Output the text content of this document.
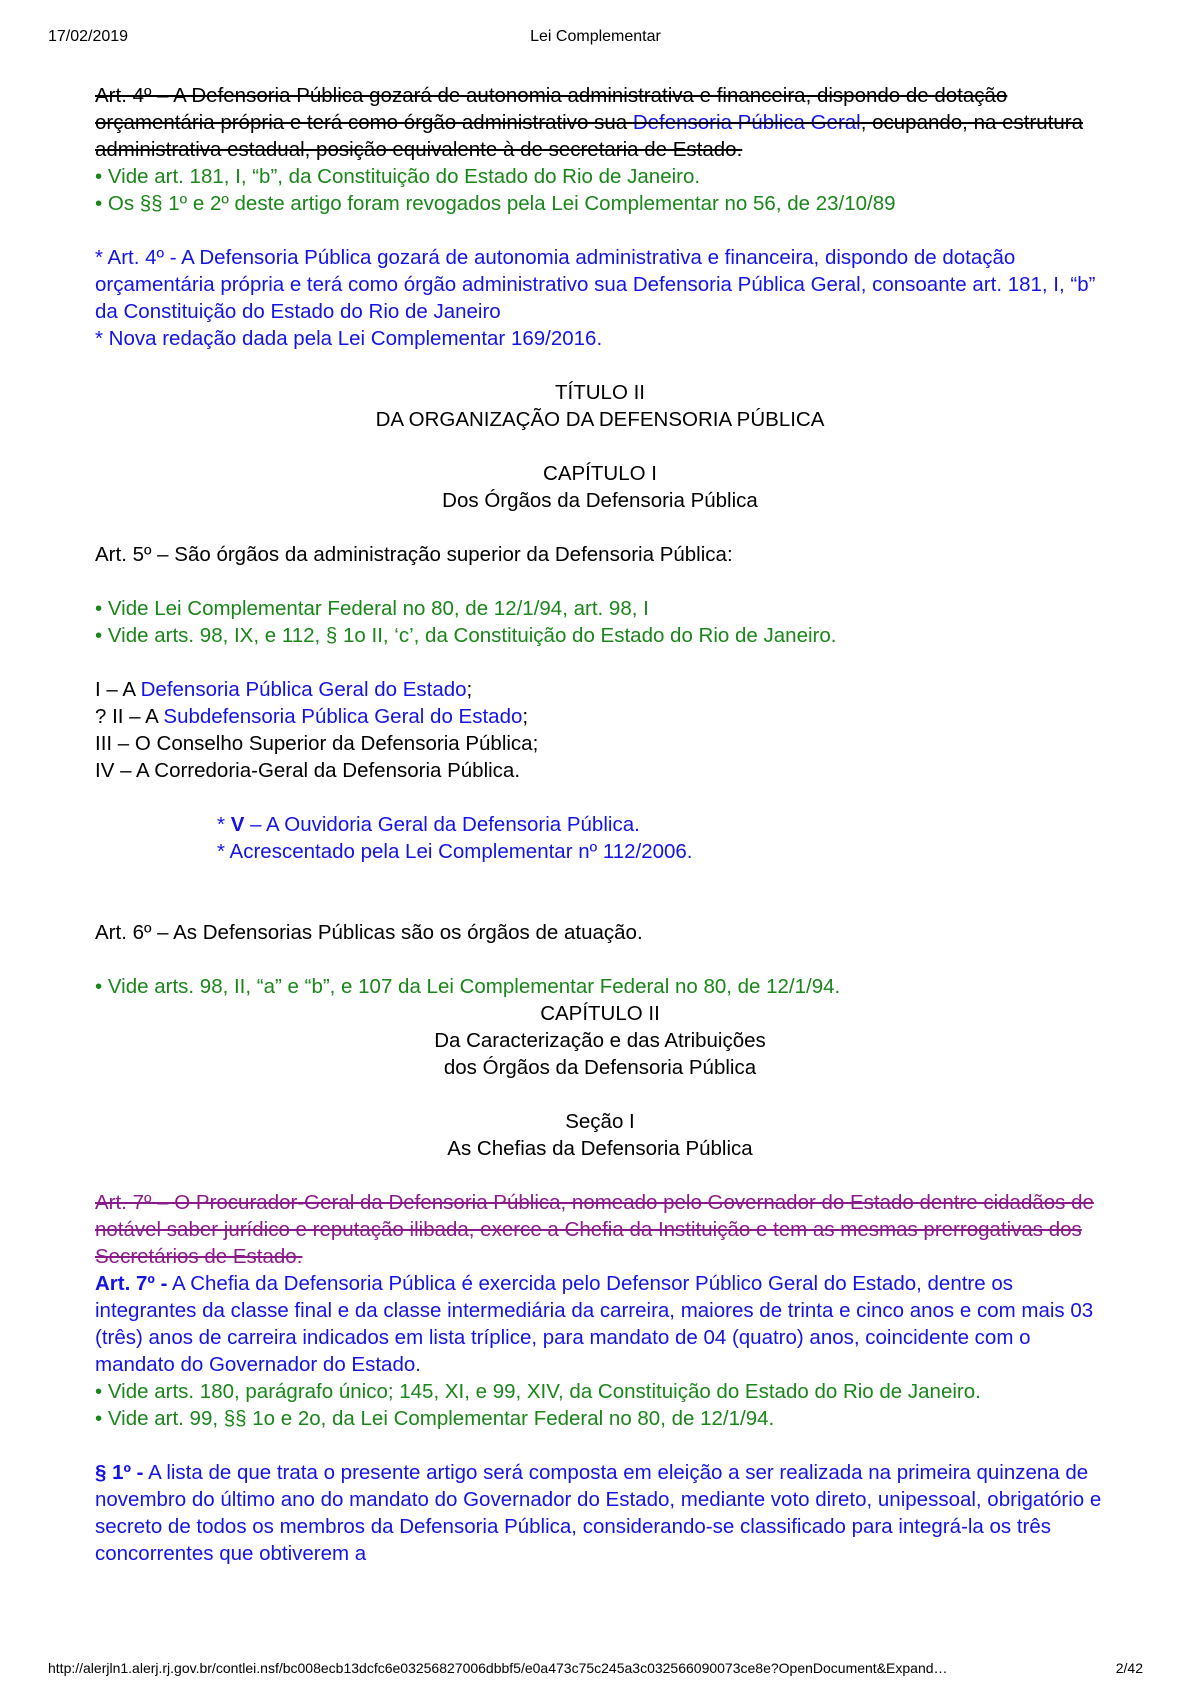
17/02/2019	Lei Complementar

Art. 4º – A Defensoria Pública gozará de autonomia administrativa e financeira, dispondo de dotação orçamentária própria e terá como órgão administrativo sua Defensoria Pública Geral, ocupando, na estrutura administrativa estadual, posição equivalente à de secretaria de Estado.

• Vide art. 181, I, “b”, da Constituição do Estado do Rio de Janeiro.

• Os §§ 1º e 2º deste artigo foram revogados pela Lei Complementar no 56, de 23/10/89

* Art. 4º - A Defensoria Pública gozará de autonomia administrativa e financeira, dispondo de dotação orçamentária própria e terá como órgão administrativo sua Defensoria Pública Geral, consoante art. 181, I, “b” da Constituição do Estado do Rio de Janeiro

* Nova redação dada pela Lei Complementar 169/2016.

TÍTULO II

DA ORGANIZAÇÃO DA DEFENSORIA PÚBLICA

CAPÍTULO I

Dos Órgãos da Defensoria Pública

Art. 5º – São órgãos da administração superior da Defensoria Pública:

• Vide Lei Complementar Federal no 80, de 12/1/94, art. 98, I

• Vide arts. 98, IX, e 112, § 1o II, ‘c’, da Constituição do Estado do Rio de Janeiro.

I – A Defensoria Pública Geral do Estado;

? II – A Subdefensoria Pública Geral do Estado;

III – O Conselho Superior da Defensoria Pública;

IV – A Corredoria-Geral da Defensoria Pública.

* V – A Ouvidoria Geral da Defensoria Pública.

* Acrescentado pela Lei Complementar nº 112/2006.

Art. 6º – As Defensorias Públicas são os órgãos de atuação.

• Vide arts. 98, II, “a” e “b”, e 107 da Lei Complementar Federal no 80, de 12/1/94.

CAPÍTULO II

Da Caracterização e das Atribuições

dos Órgãos da Defensoria Pública

Seção I

As Chefias da Defensoria Pública

Art. 7º – O Procurador-Geral da Defensoria Pública, nomeado pelo Governador do Estado dentre cidadãos de notável saber jurídico e reputação ilibada, exerce a Chefia da Instituição e tem as mesmas prerrogativas dos Secretários de Estado.

Art. 7º - A Chefia da Defensoria Pública é exercida pelo Defensor Público Geral do Estado, dentre os integrantes da classe final e da classe intermediária da carreira, maiores de trinta e cinco anos e com mais 03 (três) anos de carreira indicados em lista tríplice, para mandato de 04 (quatro) anos, coincidente com o mandato do Governador do Estado.

• Vide arts. 180, parágrafo único; 145, XI, e 99, XIV, da Constituição do Estado do Rio de Janeiro.

• Vide art. 99, §§ 1o e 2o, da Lei Complementar Federal no 80, de 12/1/94.

§ 1º - A lista de que trata o presente artigo será composta em eleição a ser realizada na primeira quinzena de novembro do último ano do mandato do Governador do Estado, mediante voto direto, unipessoal, obrigatório e secreto de todos os membros da Defensoria Pública, considerando-se classificado para integrá-la os três concorrentes que obtiverem a

http://alerjln1.alerj.rj.gov.br/contlei.nsf/bc008ecb13dcfc6e03256827006dbbf5/e0a473c75c245a3c032566090073ce8e?OpenDocument&Expand…	2/42
